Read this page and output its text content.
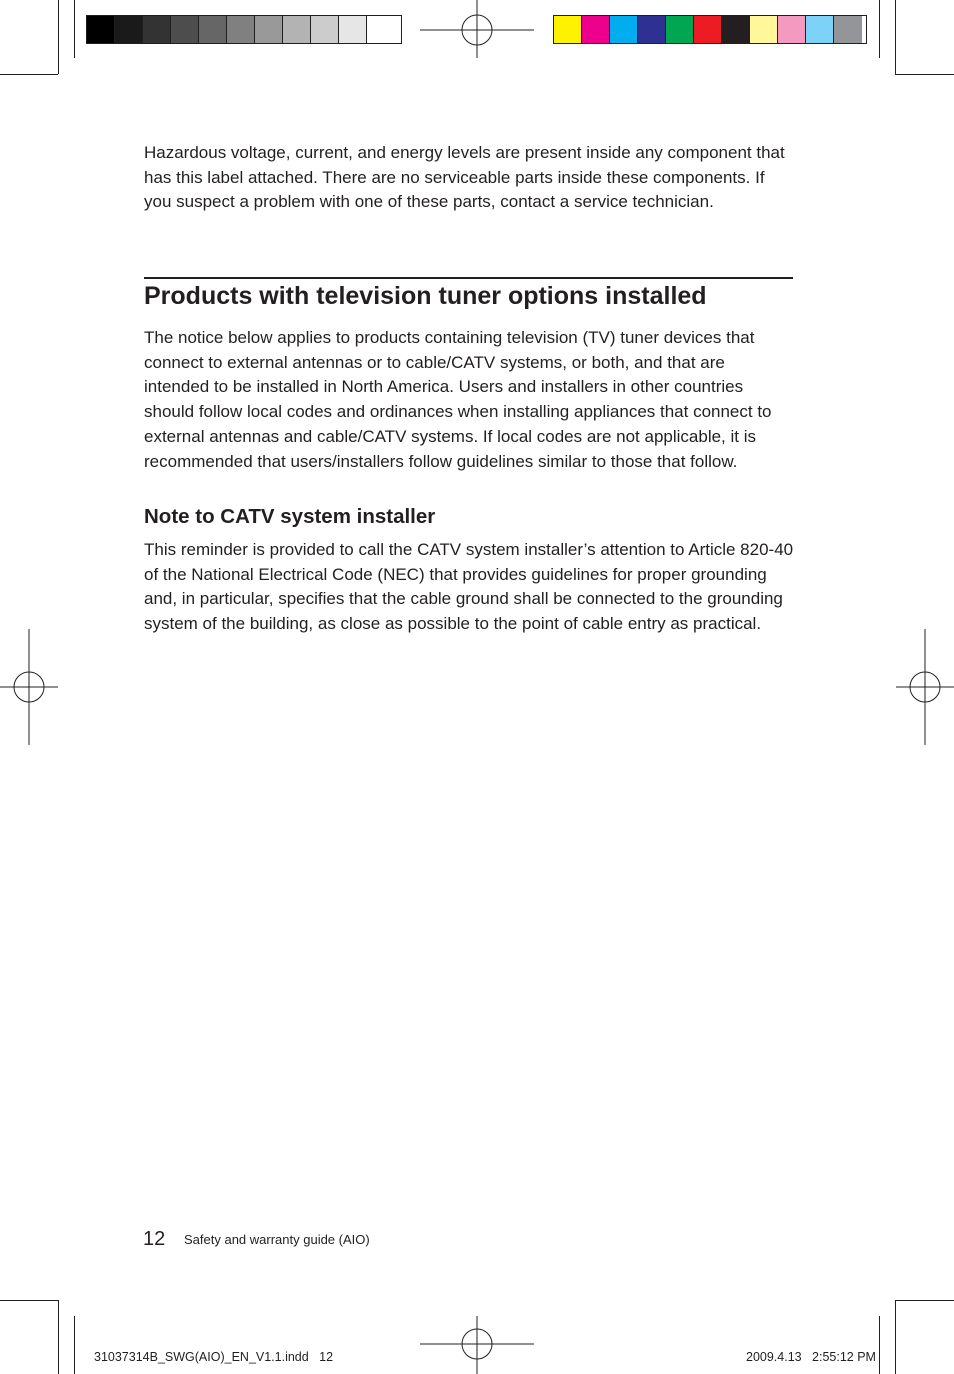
Hazardous voltage, current, and energy levels are present inside any component that has this label attached. There are no serviceable parts inside these components. If you suspect a problem with one of these parts, contact a service technician.
Products with television tuner options installed
The notice below applies to products containing television (TV) tuner devices that connect to external antennas or to cable/CATV systems, or both, and that are intended to be installed in North America. Users and installers in other countries should follow local codes and ordinances when installing appliances that connect to external antennas and cable/CATV systems. If local codes are not applicable, it is recommended that users/installers follow guidelines similar to those that follow.
Note to CATV system installer
This reminder is provided to call the CATV system installer’s attention to Article 820-40 of the National Electrical Code (NEC) that provides guidelines for proper grounding and, in particular, specifies that the cable ground shall be connected to the grounding system of the building, as close as possible to the point of cable entry as practical.
12 Safety and warranty guide (AIO)
31037314B_SWG(AIO)_EN_V1.1.indd   12	2009.4.13   2:55:12 PM
